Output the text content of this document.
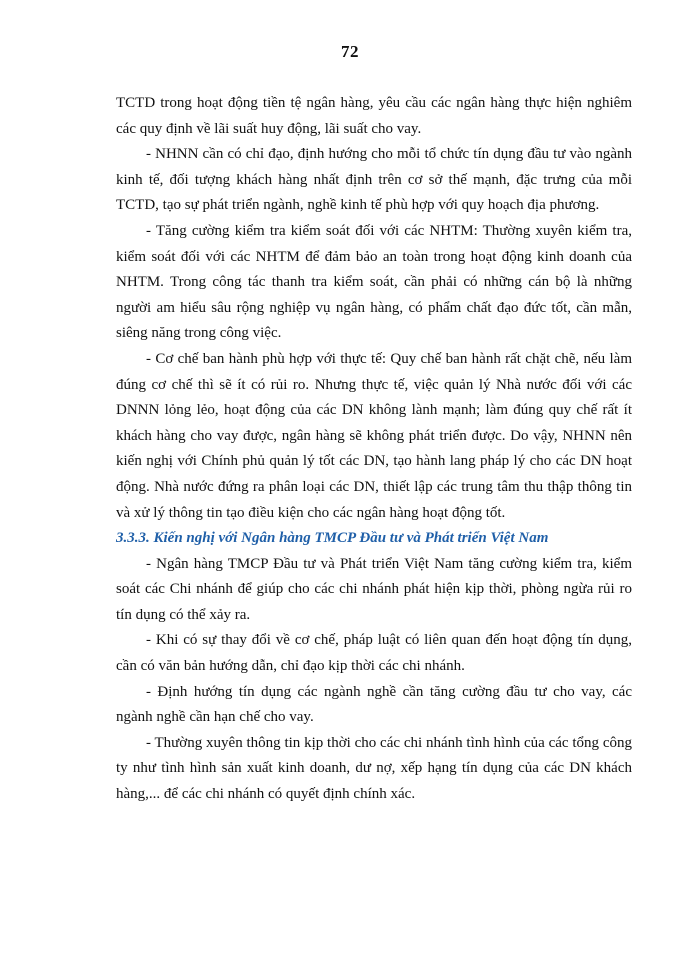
72

TCTD trong hoạt động tiền tệ ngân hàng, yêu cầu các ngân hàng thực hiện nghiêm các quy định về lãi suất huy động, lãi suất cho vay.

- NHNN cần có chỉ đạo, định hướng cho mỗi tổ chức tín dụng đầu tư vào ngành kinh tế, đối tượng khách hàng nhất định trên cơ sở thế mạnh, đặc trưng của mỗi TCTD, tạo sự phát triển ngành, nghề kinh tế phù hợp với quy hoạch địa phương.

- Tăng cường kiểm tra kiểm soát đối với các NHTM: Thường xuyên kiểm tra, kiểm soát đối với các NHTM để đảm bảo an toàn trong hoạt động kinh doanh của NHTM. Trong công tác thanh tra kiểm soát, cần phải có những cán bộ là những người am hiểu sâu rộng nghiệp vụ ngân hàng, có phẩm chất đạo đức tốt, cần mẫn, siêng năng trong công việc.

- Cơ chế ban hành phù hợp với thực tế: Quy chế ban hành rất chặt chẽ, nếu làm đúng cơ chế thì sẽ ít có rủi ro. Nhưng thực tế, việc quản lý Nhà nước đối với các DNNN lỏng lẻo, hoạt động của các DN không lành mạnh; làm đúng quy chế rất ít khách hàng cho vay được, ngân hàng sẽ không phát triển được. Do vậy, NHNN nên kiến nghị với Chính phủ quản lý tốt các DN, tạo hành lang pháp lý cho các DN hoạt động. Nhà nước đứng ra phân loại các DN, thiết lập các trung tâm thu thập thông tin và xử lý thông tin tạo điều kiện cho các ngân hàng hoạt động tốt.

3.3.3. Kiến nghị với Ngân hàng TMCP Đầu tư và Phát triển Việt Nam

- Ngân hàng TMCP Đầu tư và Phát triển Việt Nam tăng cường kiểm tra, kiểm soát các Chi nhánh để giúp cho các chi nhánh phát hiện kịp thời, phòng ngừa rủi ro tín dụng có thể xảy ra.

- Khi có sự thay đổi về cơ chế, pháp luật có liên quan đến hoạt động tín dụng, cần có văn bản hướng dẫn, chỉ đạo kịp thời các chi nhánh.

- Định hướng tín dụng các ngành nghề cần tăng cường đầu tư cho vay, các ngành nghề cần hạn chế cho vay.

- Thường xuyên thông tin kịp thời cho các chi nhánh tình hình của các tổng công ty như tình hình sản xuất kinh doanh, dư nợ, xếp hạng tín dụng của các DN khách hàng,... để các chi nhánh có quyết định chính xác.
